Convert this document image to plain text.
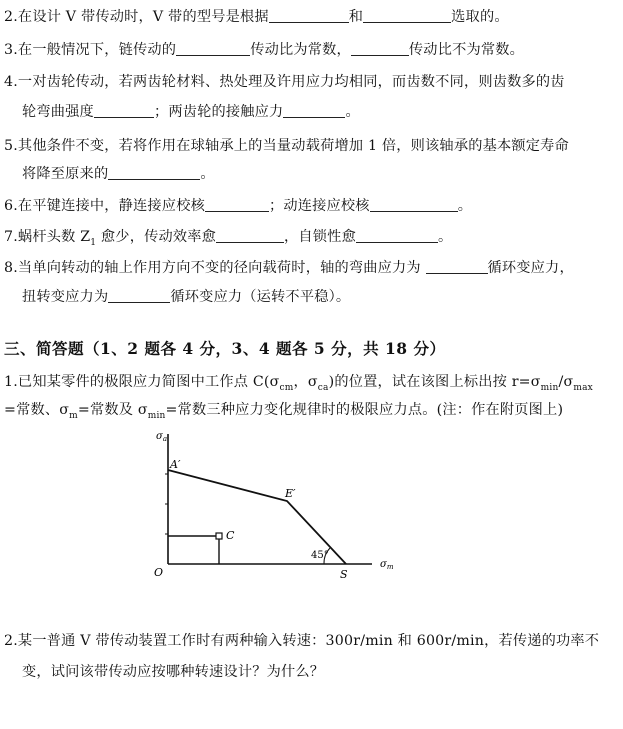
2.在设计 V 带传动时，V 带的型号是根据	和	选取的。
3.在一般情况下，链传动的	传动比为常数，	传动比不为常数。
4.一对齿轮传动，若两齿轮材料、热处理及许用应力均相同，而齿数不同，则齿数多的齿
轮弯曲强度	；两齿轮的接触应力	。
5.其他条件不变，若将作用在球轴承上的当量动载荷增加 1 倍，则该轴承的基本额定寿命
将降至原来的	。
6.在平键连接中，静连接应校核	；动连接应校核	。
7.蜗杆头数 $Z_1$ 愈少，传动效率愈	，自锁性愈	。
8.当单向转动的轴上作用方向不变的径向载荷时，轴的弯曲应力为	循环变应力，
扭转变应力为	循环变应力（运转不平稳）。
三、简答题（1、2 题各 4 分，3、4 题各 5 分，共 18 分）
1.已知某零件的极限应力简图中工作点 $C(\sigma_{cm}$，$\sigma_{ca}$)的位置，试在该图上标出按 $r=\sigma_{min}/\sigma_{max}$
=常数、$\sigma_m=$常数及 $\sigma_{min}=$常数三种应力变化规律时的极限应力点。(注：作在附页图上)
$\sigma_a$
A′
E′
C
O	S
45°
$\sigma_m$
2.某一普通 V 带传动装置工作时有两种输入转速：300r/min 和 600r/min，若传递的功率不
变，试问该带传动应按哪种转速设计？为什么？
